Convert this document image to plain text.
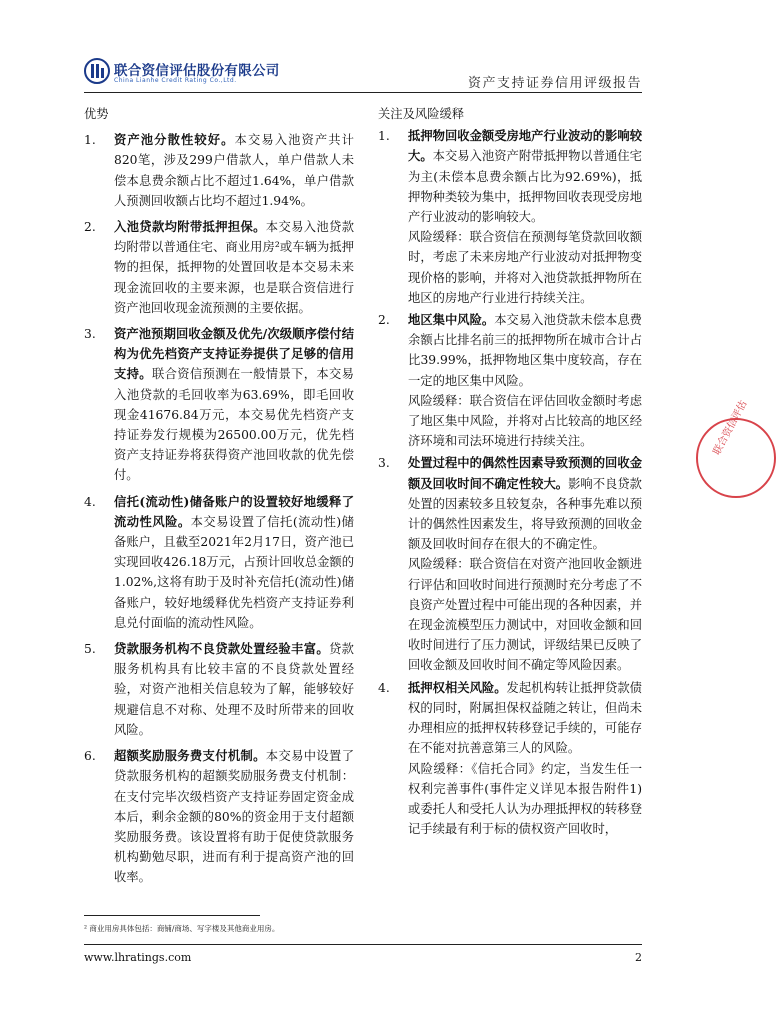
联合资信评估股份有限公司
China Lianhe Credit Rating Co.,Ltd.	资产支持证券信用评级报告
优势
1. 资产池分散性较好。本交易入池资产共计820笔，涉及299户借款人，单户借款人未偿本息费余额占比不超过1.64%，单户借款人预测回收额占比均不超过1.94%。
2. 入池贷款均附带抵押担保。本交易入池贷款均附带以普通住宅、商业用房²或车辆为抵押物的担保，抵押物的处置回收是本交易未来现金流回收的主要来源，也是联合资信进行资产池回收现金流预测的主要依据。
3. 资产池预期回收金额及优先/次级顺序偿付结构为优先档资产支持证券提供了足够的信用支持。联合资信预测在一般情景下，本交易入池贷款的毛回收率为63.69%，即毛回收现金41676.84万元，本交易优先档资产支持证券发行规模为26500.00万元，优先档资产支持证券将获得资产池回收款的优先偿付。
4. 信托(流动性)储备账户的设置较好地缓释了流动性风险。本交易设置了信托(流动性)储备账户，且截至2021年2月17日，资产池已实现回收426.18万元，占预计回收总金额的1.02%,这将有助于及时补充信托(流动性)储备账户，较好地缓释优先档资产支持证券利息兑付面临的流动性风险。
5. 贷款服务机构不良贷款处置经验丰富。贷款服务机构具有比较丰富的不良贷款处置经验，对资产池相关信息较为了解，能够较好规避信息不对称、处理不及时所带来的回收风险。
6. 超额奖励服务费支付机制。本交易中设置了贷款服务机构的超额奖励服务费支付机制：在支付完毕次级档资产支持证券固定资金成本后，剩余金额的80%的资金用于支付超额奖励服务费。该设置将有助于促使贷款服务机构勤勉尽职，进而有利于提高资产池的回收率。
关注及风险缓释
1. 抵押物回收金额受房地产行业波动的影响较大。本交易入池资产附带抵押物以普通住宅为主(未偿本息费余额占比为92.69%)，抵押物种类较为集中，抵押物回收表现受房地产行业波动的影响较大。
风险缓释：联合资信在预测每笔贷款回收额时，考虑了未来房地产行业波动对抵押物变现价格的影响，并将对入池贷款抵押物所在地区的房地产行业进行持续关注。
2. 地区集中风险。本交易入池贷款未偿本息费余额占比排名前三的抵押物所在城市合计占比39.99%，抵押物地区集中度较高，存在一定的地区集中风险。
风险缓释：联合资信在评估回收金额时考虑了地区集中风险，并将对占比较高的地区经济环境和司法环境进行持续关注。
3. 处置过程中的偶然性因素导致预测的回收金额及回收时间不确定性较大。影响不良贷款处置的因素较多且较复杂，各种事先难以预计的偶然性因素发生，将导致预测的回收金额及回收时间存在很大的不确定性。
风险缓释：联合资信在对资产池回收金额进行评估和回收时间进行预测时充分考虑了不良资产处置过程中可能出现的各种因素，并在现金流模型压力测试中，对回收金额和回收时间进行了压力测试，评级结果已反映了回收金额及回收时间不确定等风险因素。
4. 抵押权相关风险。发起机构转让抵押贷款债权的同时，附属担保权益随之转让，但尚未办理相应的抵押权转移登记手续的，可能存在不能对抗善意第三人的风险。
风险缓释：《信托合同》约定，当发生任一权利完善事件(事件定义详见本报告附件1)或委托人和受托人认为办理抵押权的转移登记手续最有利于标的债权资产回收时，
² 商业用房具体包括：商铺/商场、写字楼及其他商业用房。
www.lhratings.com	2
联合资信评估
